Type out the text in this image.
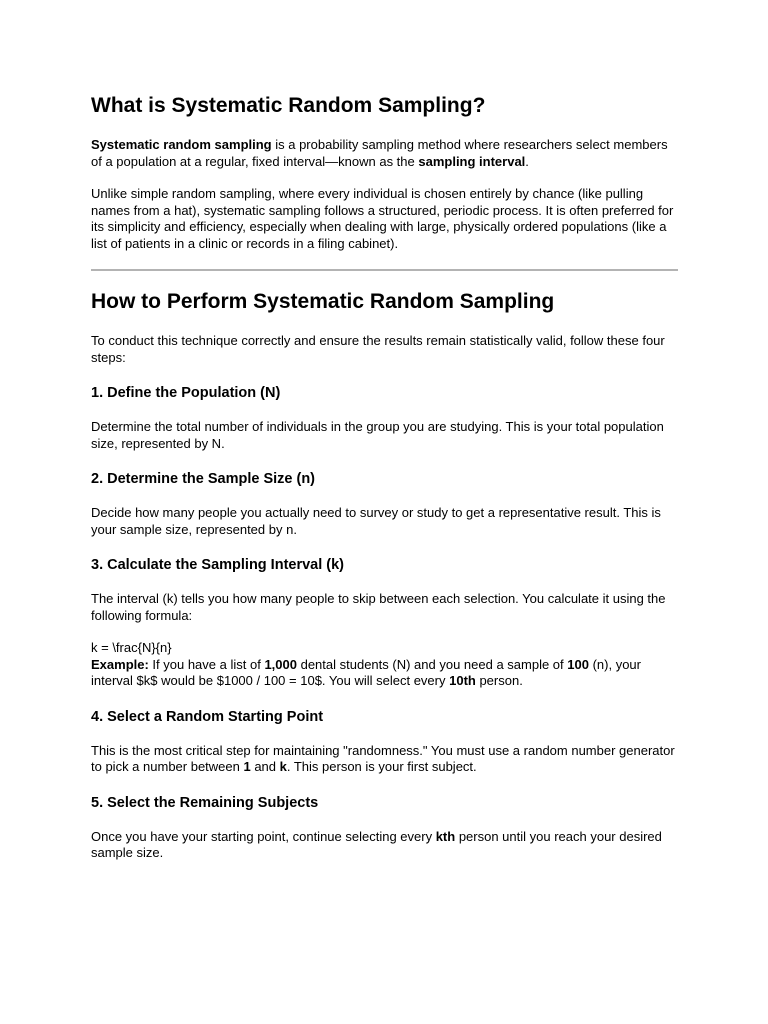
What is Systematic Random Sampling?

Systematic random sampling is a probability sampling method where researchers select members of a population at a regular, fixed interval—known as the sampling interval.

Unlike simple random sampling, where every individual is chosen entirely by chance (like pulling names from a hat), systematic sampling follows a structured, periodic process. It is often preferred for its simplicity and efficiency, especially when dealing with large, physically ordered populations (like a list of patients in a clinic or records in a filing cabinet).

How to Perform Systematic Random Sampling

To conduct this technique correctly and ensure the results remain statistically valid, follow these four steps:

1. Define the Population (N)

Determine the total number of individuals in the group you are studying. This is your total population size, represented by N.

2. Determine the Sample Size (n)

Decide how many people you actually need to survey or study to get a representative result. This is your sample size, represented by n.

3. Calculate the Sampling Interval (k)

The interval (k) tells you how many people to skip between each selection. You calculate it using the following formula:

k = \frac{N}{n}

Example: If you have a list of 1,000 dental students (N) and you need a sample of 100 (n), your interval $k$ would be $1000 / 100 = 10$. You will select every 10th person.

4. Select a Random Starting Point

This is the most critical step for maintaining "randomness." You must use a random number generator to pick a number between 1 and k. This person is your first subject.

5. Select the Remaining Subjects

Once you have your starting point, continue selecting every kth person until you reach your desired sample size.
